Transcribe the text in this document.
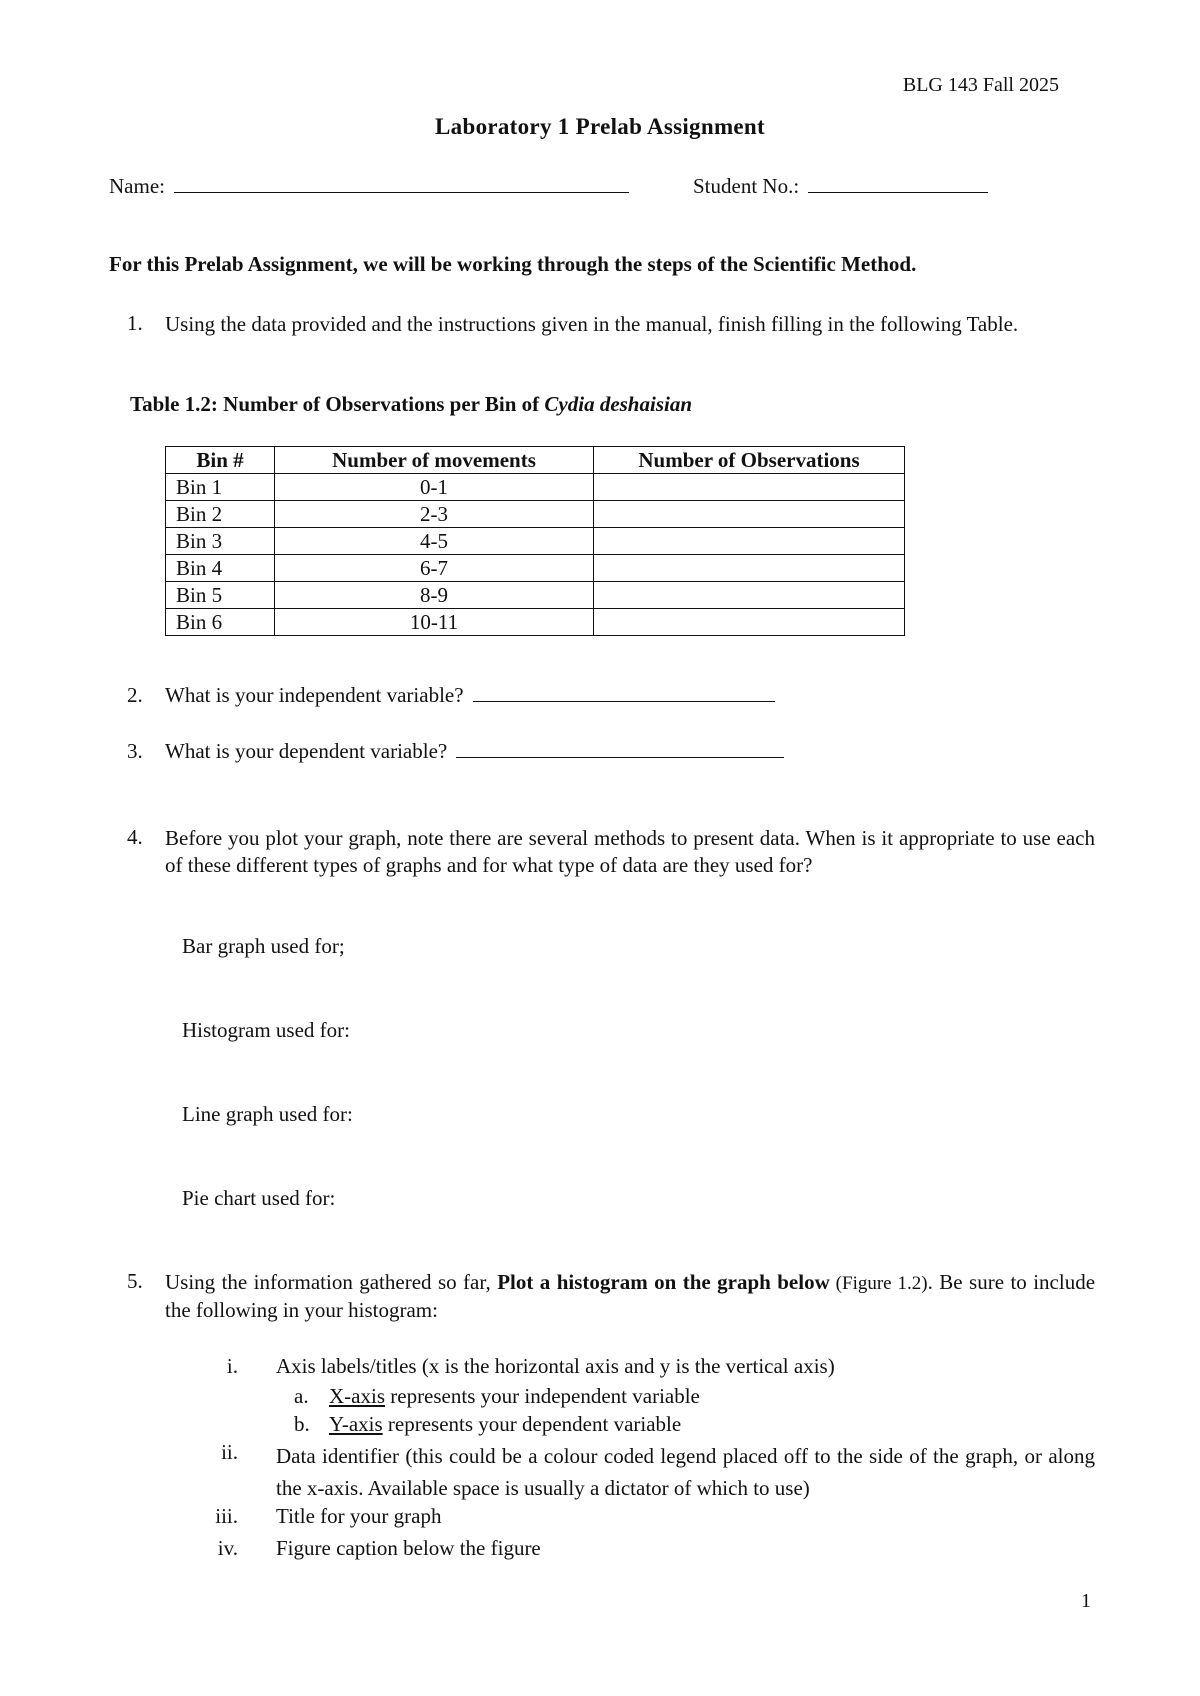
BLG 143 Fall 2025
Laboratory 1 Prelab Assignment
Name:	Student No.:
For this Prelab Assignment, we will be working through the steps of the Scientific Method.
1. Using the data provided and the instructions given in the manual, finish filling in the following Table.
Table 1.2: Number of Observations per Bin of Cydia deshaisian
Bin #	Number of movements	Number of Observations
Bin 1	0-1	
Bin 2	2-3	
Bin 3	4-5	
Bin 4	6-7	
Bin 5	8-9	
Bin 6	10-11	
2. What is your independent variable?
3. What is your dependent variable?
4. Before you plot your graph, note there are several methods to present data. When is it appropriate to use each of these different types of graphs and for what type of data are they used for?
Bar graph used for;
Histogram used for:
Line graph used for:
Pie chart used for:
5. Using the information gathered so far, Plot a histogram on the graph below (Figure 1.2). Be sure to include the following in your histogram:
i. Axis labels/titles (x is the horizontal axis and y is the vertical axis)
a. X-axis represents your independent variable
b. Y-axis represents your dependent variable
ii. Data identifier (this could be a colour coded legend placed off to the side of the graph, or along the x-axis. Available space is usually a dictator of which to use)
iii. Title for your graph
iv. Figure caption below the figure
1
